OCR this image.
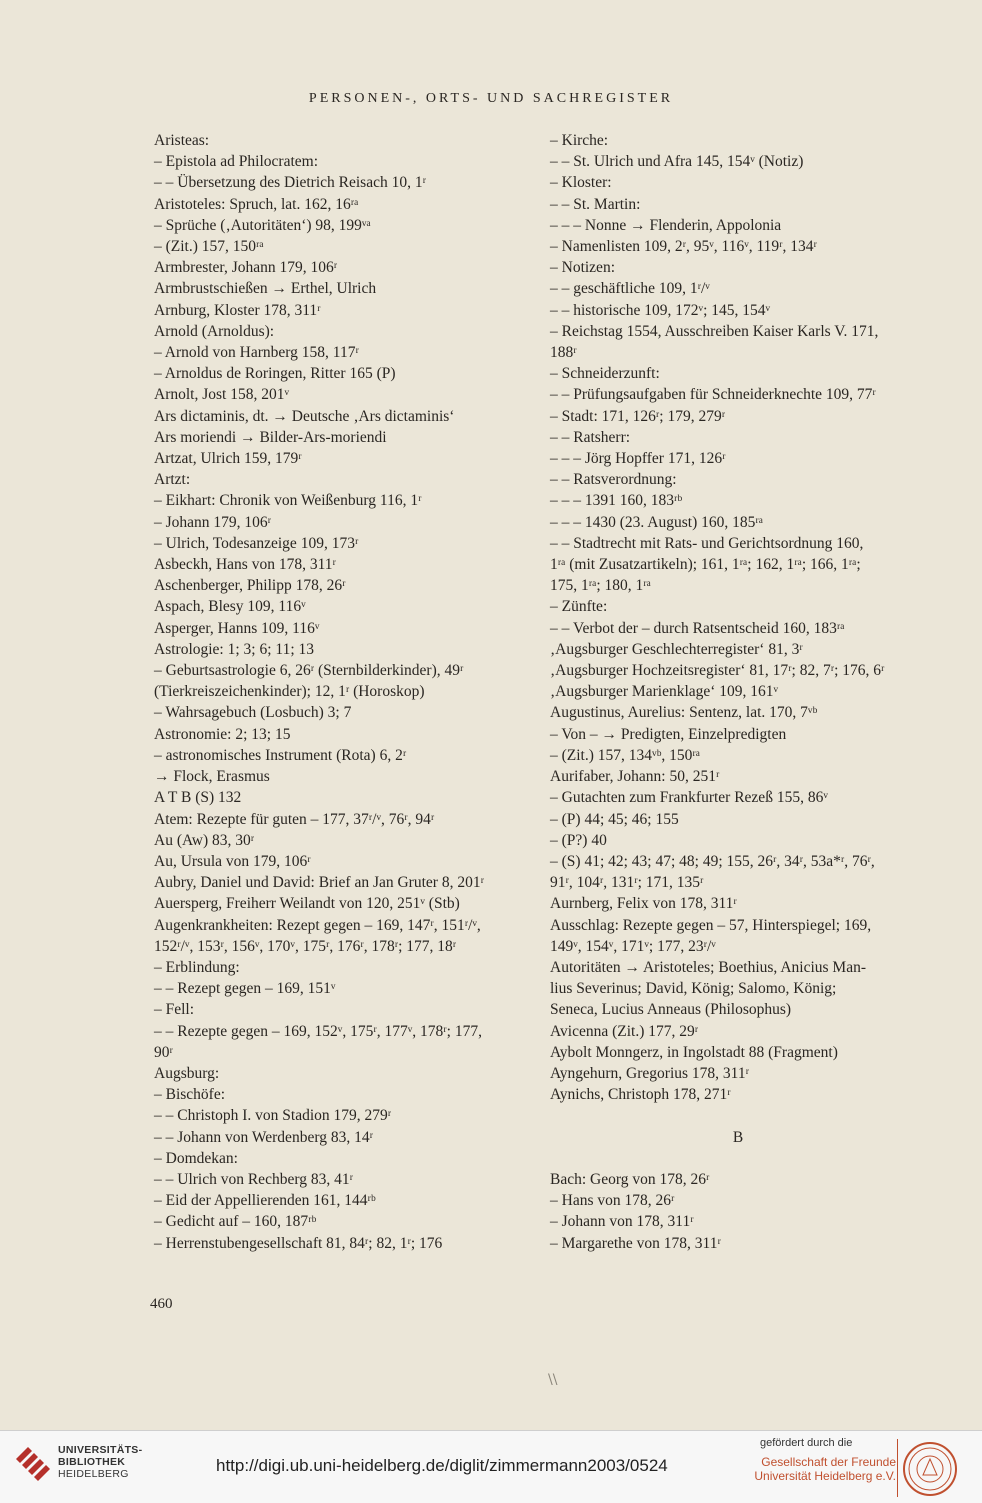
PERSONEN-, ORTS- UND SACHREGISTER
Aristeas:
– Epistola ad Philocratem:
– – Übersetzung des Dietrich Reisach 10, 1ʳ
Aristoteles: Spruch, lat. 162, 16ʳᵃ
– Sprüche (‚Autoritäten‘) 98, 199ᵛᵃ
– (Zit.) 157, 150ʳᵃ
Armbrester, Johann 179, 106ʳ
Armbrustschießen → Erthel, Ulrich
Arnburg, Kloster 178, 311ʳ
Arnold (Arnoldus):
– Arnold von Harnberg 158, 117ʳ
– Arnoldus de Roringen, Ritter 165 (P)
Arnolt, Jost 158, 201ᵛ
Ars dictaminis, dt. → Deutsche ‚Ars dictaminis‘
Ars moriendi → Bilder-Ars-moriendi
Artzat, Ulrich 159, 179ʳ
Artzt:
– Eikhart: Chronik von Weißenburg 116, 1ʳ
– Johann 179, 106ʳ
– Ulrich, Todesanzeige 109, 173ʳ
Asbeckh, Hans von 178, 311ʳ
Aschenberger, Philipp 178, 26ʳ
Aspach, Blesy 109, 116ᵛ
Asperger, Hanns 109, 116ᵛ
Astrologie: 1; 3; 6; 11; 13
– Geburtsastrologie 6, 26ʳ (Sternbilderkinder), 49ʳ
(Tierkreiszeichenkinder); 12, 1ʳ (Horoskop)
– Wahrsagebuch (Losbuch) 3; 7
Astronomie: 2; 13; 15
– astronomisches Instrument (Rota) 6, 2ʳ
→ Flock, Erasmus
A T B (S) 132
Atem: Rezepte für guten – 177, 37ʳ/ᵛ, 76ʳ, 94ʳ
Au (Aw) 83, 30ʳ
Au, Ursula von 179, 106ʳ
Aubry, Daniel und David: Brief an Jan Gruter 8, 201ʳ
Auersperg, Freiherr Weilandt von 120, 251ᵛ (Stb)
Augenkrankheiten: Rezept gegen – 169, 147ʳ, 151ʳ/ᵛ,
152ʳ/ᵛ, 153ʳ, 156ᵛ, 170ᵛ, 175ʳ, 176ʳ, 178ʳ; 177, 18ʳ
– Erblindung:
– – Rezept gegen – 169, 151ᵛ
– Fell:
– – Rezepte gegen – 169, 152ᵛ, 175ʳ, 177ᵛ, 178ʳ; 177,
90ʳ
Augsburg:
– Bischöfe:
– – Christoph I. von Stadion 179, 279ʳ
– – Johann von Werdenberg 83, 14ʳ
– Domdekan:
– – Ulrich von Rechberg 83, 41ʳ
– Eid der Appellierenden 161, 144ʳᵇ
– Gedicht auf – 160, 187ʳᵇ
– Herrenstubengesellschaft 81, 84ʳ; 82, 1ʳ; 176
– Kirche:
– – St. Ulrich und Afra 145, 154ᵛ (Notiz)
– Kloster:
– – St. Martin:
– – – Nonne → Flenderin, Appolonia
– Namenlisten 109, 2ʳ, 95ᵛ, 116ᵛ, 119ʳ, 134ʳ
– Notizen:
– – geschäftliche 109, 1ʳ/ᵛ
– – historische 109, 172ᵛ; 145, 154ᵛ
– Reichstag 1554, Ausschreiben Kaiser Karls V. 171,
188ʳ
– Schneiderzunft:
– – Prüfungsaufgaben für Schneiderknechte 109, 77ʳ
– Stadt: 171, 126ʳ; 179, 279ʳ
– – Ratsherr:
– – – Jörg Hopffer 171, 126ʳ
– – Ratsverordnung:
– – – 1391 160, 183ʳᵇ
– – – 1430 (23. August) 160, 185ʳᵃ
– – Stadtrecht mit Rats- und Gerichtsordnung 160,
1ʳᵃ (mit Zusatzartikeln); 161, 1ʳᵃ; 162, 1ʳᵃ; 166, 1ʳᵃ;
175, 1ʳᵃ; 180, 1ʳᵃ
– Zünfte:
– – Verbot der – durch Ratsentscheid 160, 183ʳᵃ
‚Augsburger Geschlechterregister‘ 81, 3ʳ
‚Augsburger Hochzeitsregister‘ 81, 17ʳ; 82, 7ʳ; 176, 6ʳ
‚Augsburger Marienklage‘ 109, 161ᵛ
Augustinus, Aurelius: Sentenz, lat. 170, 7ᵛᵇ
– Von – → Predigten, Einzelpredigten
– (Zit.) 157, 134ᵛᵇ, 150ʳᵃ
Aurifaber, Johann: 50, 251ʳ
– Gutachten zum Frankfurter Rezeß 155, 86ᵛ
– (P) 44; 45; 46; 155
– (P?) 40
– (S) 41; 42; 43; 47; 48; 49; 155, 26ʳ, 34ʳ, 53a*ʳ, 76ʳ,
91ʳ, 104ʳ, 131ʳ; 171, 135ʳ
Aurnberg, Felix von 178, 311ʳ
Ausschlag: Rezepte gegen – 57, Hinterspiegel; 169,
149ᵛ, 154ᵛ, 171ᵛ; 177, 23ʳ/ᵛ
Autoritäten → Aristoteles; Boethius, Anicius Man-
lius Severinus; David, König; Salomo, König;
Seneca, Lucius Anneaus (Philosophus)
Avicenna (Zit.) 177, 29ʳ
Aybolt Monngerz, in Ingolstadt 88 (Fragment)
Ayngehurn, Gregorius 178, 311ʳ
Aynichs, Christoph 178, 271ʳ
B
Bach: Georg von 178, 26ʳ
– Hans von 178, 26ʳ
– Johann von 178, 311ʳ
– Margarethe von 178, 311ʳ
460
\\
UNIVERSITÄTS-
BIBLIOTHEK
HEIDELBERG	http://digi.ub.uni-heidelberg.de/diglit/zimmermann2003/0524
gefördert durch die
Gesellschaft der Freunde
Universität Heidelberg e.V.
